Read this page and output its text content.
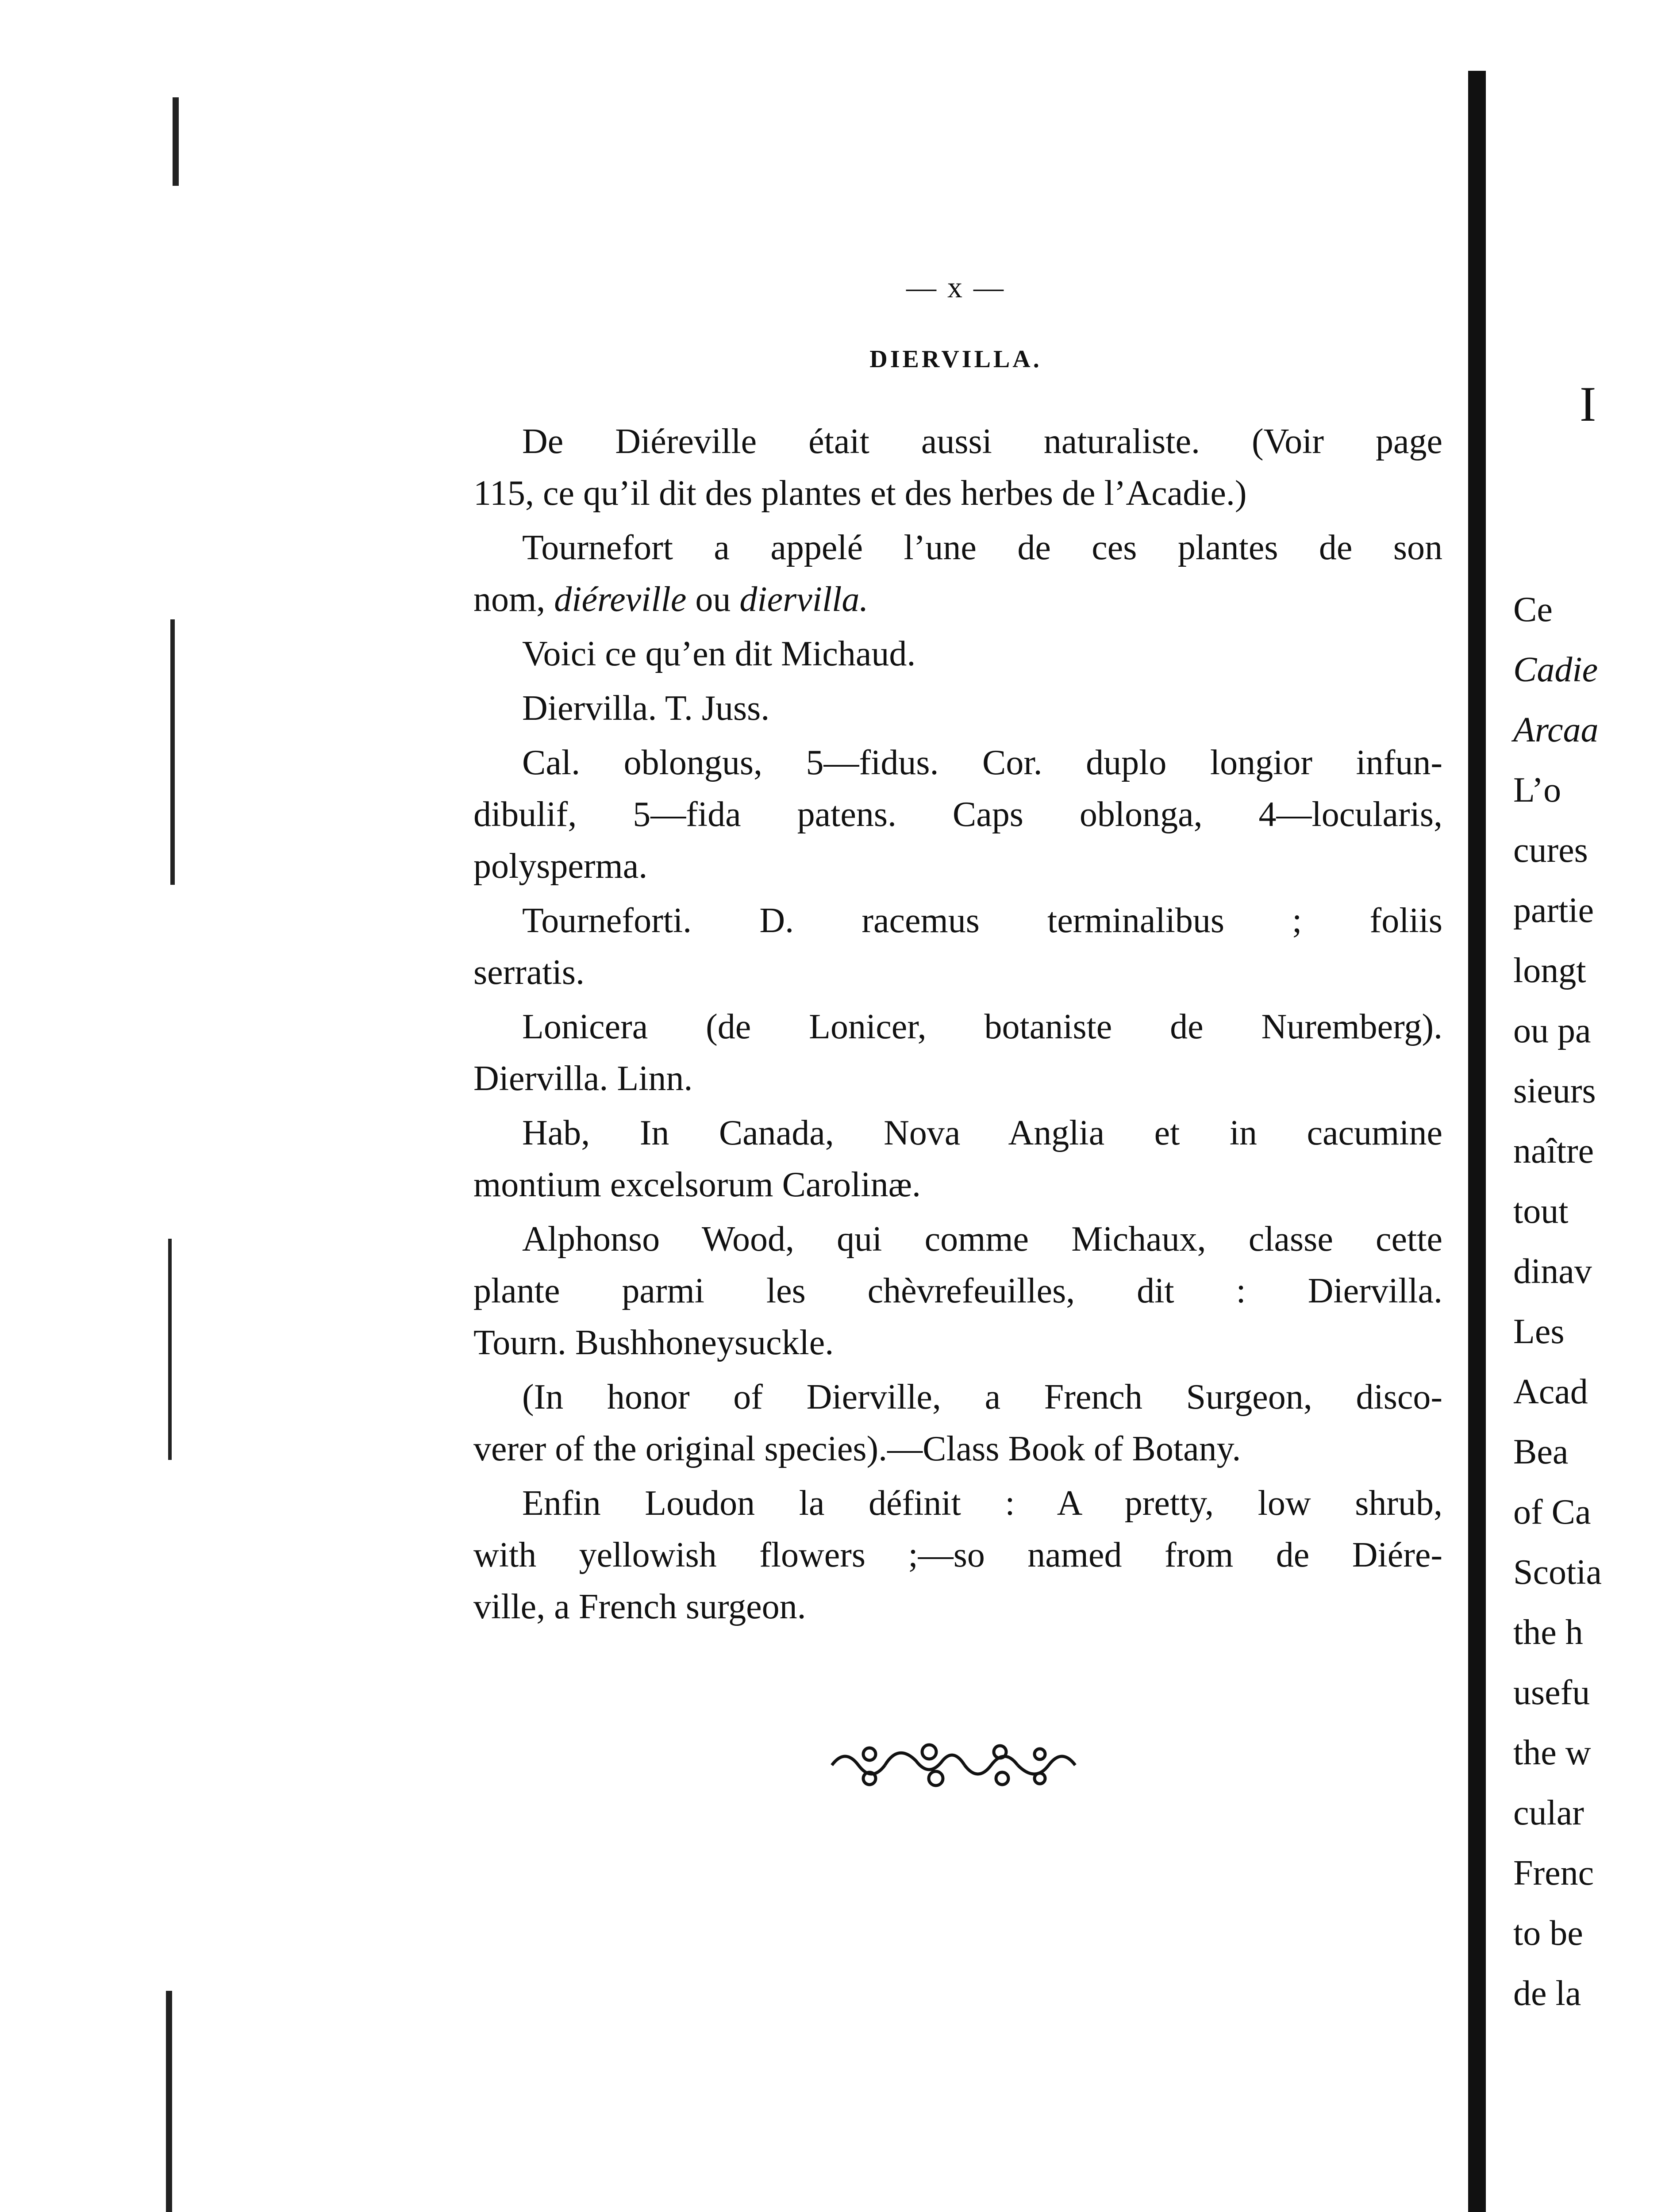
— x —
DIERVILLA.

De Diéreville était aussi naturaliste. (Voir page

115, ce qu’il dit des plantes et des herbes de l’Acadie.)

Tournefort a appelé l’une de ces plantes de son

nom, diéreville ou diervilla.

Voici ce qu’en dit Michaud.

Diervilla. T. Juss.

Cal. oblongus, 5—fidus. Cor. duplo longior infun-

dibulif, 5—fida patens. Caps oblonga, 4—locularis,

polysperma.

Tourneforti. D. racemus terminalibus ; foliis

serratis.

Lonicera (de Lonicer, botaniste de Nuremberg).

Diervilla. Linn.

Hab, In Canada, Nova Anglia et in cacumine

montium excelsorum Carolinæ.

Alphonso Wood, qui comme Michaux, classe cette

plante parmi les chèvrefeuilles, dit : Diervilla.

Tourn. Bushhoneysuckle.

(In honor of Dierville, a French Surgeon, disco-

verer of the original species).—Class Book of Botany.

Enfin Loudon la définit : A pretty, low shrub,

with yellowish flowers ;—so named from de Diére-

ville, a French surgeon.

I
Ce
Cadie
Arcaa
L’o
cures
partie
longt
ou pa
sieurs
naître
tout
dinav
Les
Acad
Bea
of Ca
Scotia
the h
usefu
the w
cular
Frenc
to be
de la
